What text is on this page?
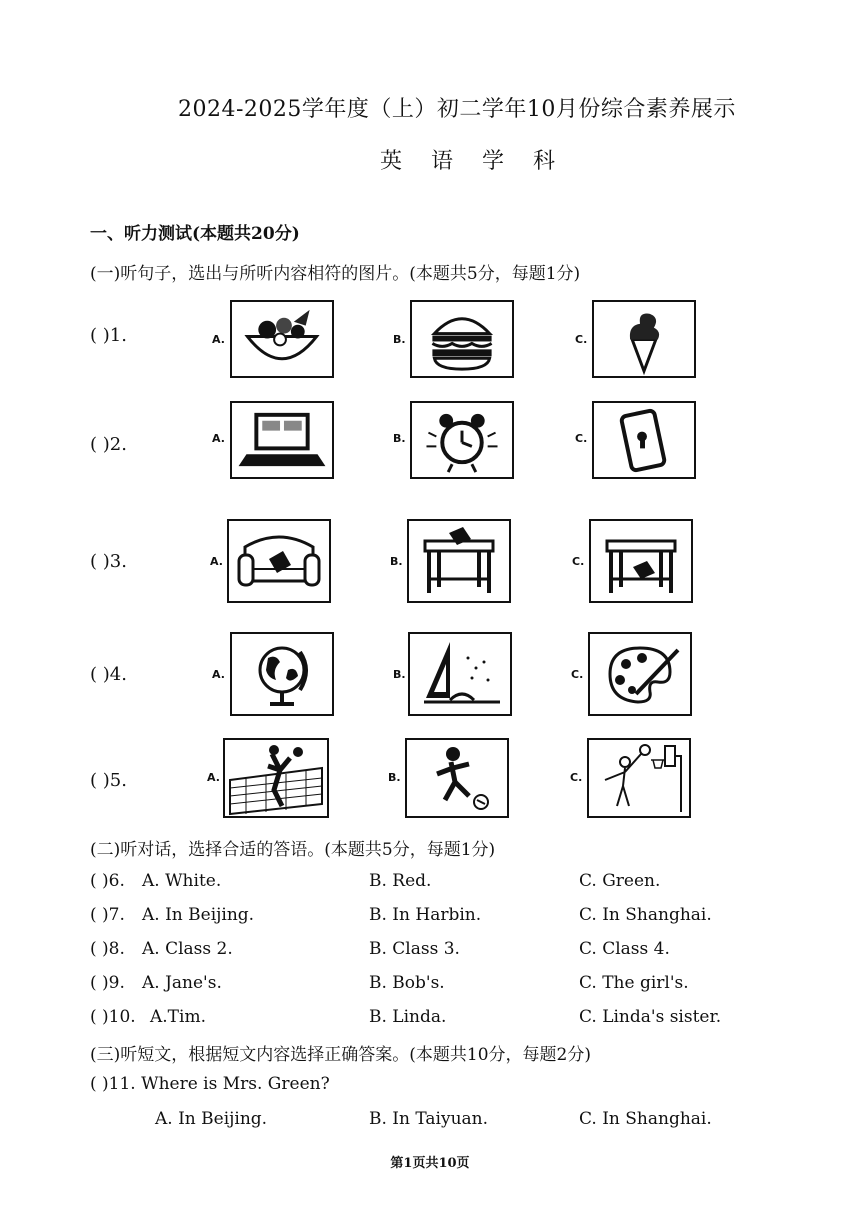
2024-2025学年度（上）初二学年10月份综合素养展示
英 语 学 科
一、听力测试(本题共20分)
(一)听句子，选出与所听内容相符的图片。(本题共5分，每题1分)
( )1.	A.	B.	C.
( )2.	A.	B.	C.
( )3.	A.	B.	C.
( )4.	A.	B.	C.
( )5.	A.	B.	C.
(二)听对话，选择合适的答语。(本题共5分，每题1分)
( )6. A. White.	B. Red.	C. Green.
( )7. A. In Beijing.	B. In Harbin.	C. In Shanghai.
( )8. A. Class 2.	B. Class 3.	C. Class 4.
( )9. A. Jane's.	B. Bob's.	C. The girl's.
( )10. A.Tim.	B. Linda.	C. Linda's sister.
(三)听短文，根据短文内容选择正确答案。(本题共10分，每题2分)
( )11. Where is Mrs. Green?
A. In Beijing.	B. In Taiyuan.	C. In Shanghai.
第1页共10页
